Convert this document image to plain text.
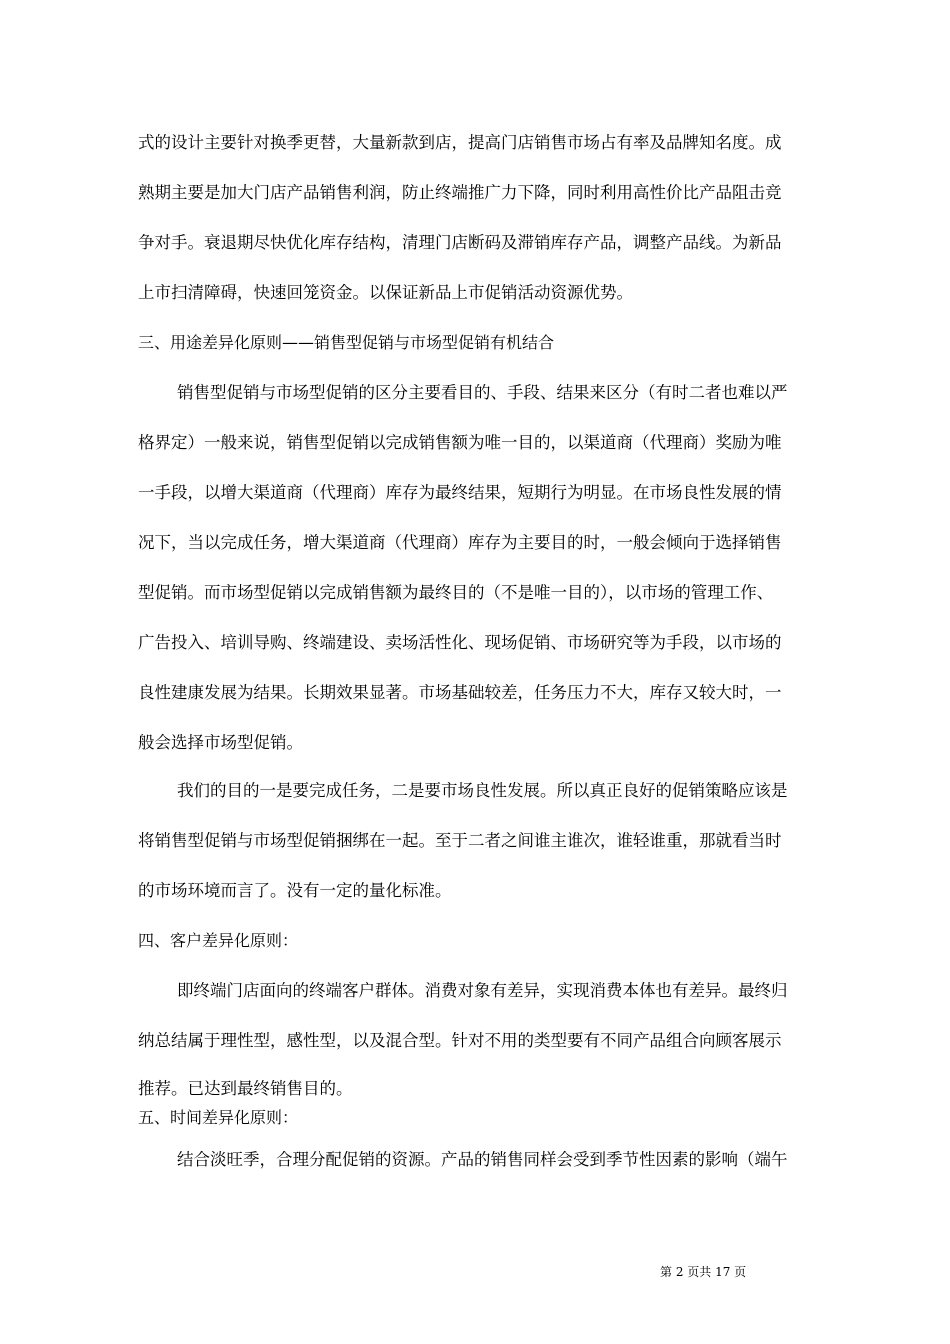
式的设计主要针对换季更替，大量新款到店，提高门店销售市场占有率及品牌知名度。成
熟期主要是加大门店产品销售利润，防止终端推广力下降，同时利用高性价比产品阻击竞
争对手。衰退期尽快优化库存结构，清理门店断码及滞销库存产品，调整产品线。为新品
上市扫清障碍，快速回笼资金。以保证新品上市促销活动资源优势。
三、用途差异化原则——销售型促销与市场型促销有机结合
销售型促销与市场型促销的区分主要看目的、手段、结果来区分（有时二者也难以严
格界定）一般来说，销售型促销以完成销售额为唯一目的，以渠道商（代理商）奖励为唯
一手段，以增大渠道商（代理商）库存为最终结果，短期行为明显。在市场良性发展的情
况下，当以完成任务，增大渠道商（代理商）库存为主要目的时，一般会倾向于选择销售
型促销。而市场型促销以完成销售额为最终目的（不是唯一目的），以市场的管理工作、
广告投入、培训导购、终端建设、卖场活性化、现场促销、市场研究等为手段，以市场的
良性建康发展为结果。长期效果显著。市场基础较差，任务压力不大，库存又较大时，一
般会选择市场型促销。
我们的目的一是要完成任务，二是要市场良性发展。所以真正良好的促销策略应该是
将销售型促销与市场型促销捆绑在一起。至于二者之间谁主谁次，谁轻谁重，那就看当时
的市场环境而言了。没有一定的量化标准。
四、客户差异化原则：
即终端门店面向的终端客户群体。消费对象有差异，实现消费本体也有差异。最终归
纳总结属于理性型，感性型，以及混合型。针对不用的类型要有不同产品组合向顾客展示
推荐。已达到最终销售目的。
五、时间差异化原则：
结合淡旺季，合理分配促销的资源。产品的销售同样会受到季节性因素的影响（端午
第 2 页共 17 页
